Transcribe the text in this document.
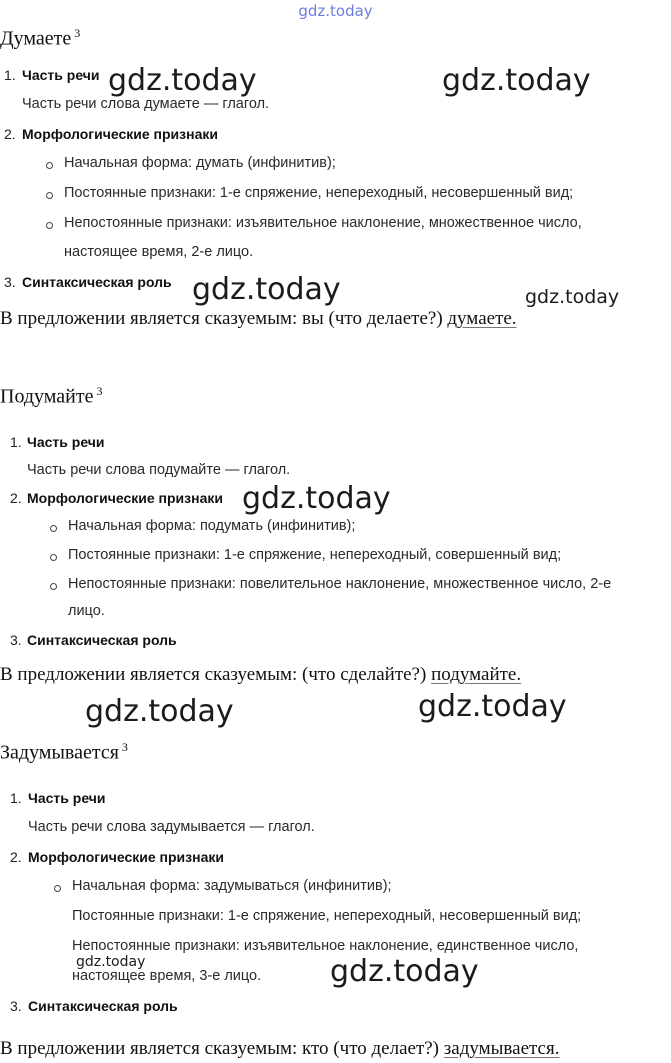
gdz.today
Думаете $^3$
1. Часть речи
Часть речи слова думаете — глагол.
2. Морфологические признаки
Начальная форма: думать (инфинитив);
Постоянные признаки: 1-е спряжение, непереходный, несовершенный вид;
Непостоянные признаки: изъявительное наклонение, множественное число,
настоящее время, 2-е лицо.
3. Синтаксическая роль
В предложении является сказуемым: вы (что делаете?) думаете.
gdz.today	gdz.today
gdz.today	gdz.today
Подумайте $^3$
1. Часть речи
Часть речи слова подумайте — глагол.
2. Морфологические признаки
Начальная форма: подумать (инфинитив);
Постоянные признаки: 1-е спряжение, непереходный, совершенный вид;
Непостоянные признаки: повелительное наклонение, множественное число, 2-е
лицо.
3. Синтаксическая роль
В предложении является сказуемым: (что сделайте?) подумайте.
gdz.today
gdz.today	gdz.today
Задумывается $^3$
1. Часть речи
Часть речи слова задумывается — глагол.
2. Морфологические признаки
Начальная форма: задумываться (инфинитив);
Постоянные признаки: 1-е спряжение, непереходный, несовершенный вид;
Непостоянные признаки: изъявительное наклонение, единственное число,
настоящее время, 3-е лицо.
3. Синтаксическая роль
В предложении является сказуемым: кто (что делает?) задумывается.
gdz.today	gdz.today
